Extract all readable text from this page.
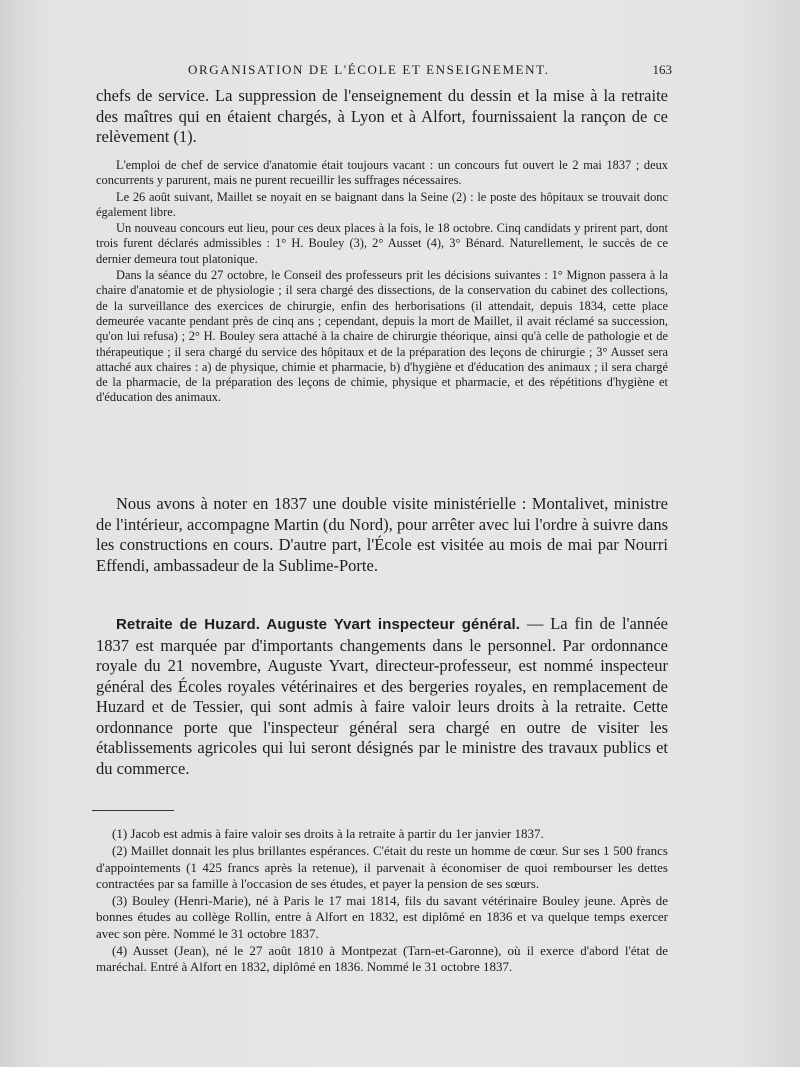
ORGANISATION DE L'ÉCOLE ET ENSEIGNEMENT.	163

chefs de service. La suppression de l'enseignement du dessin et la mise à la retraite des maîtres qui en étaient chargés, à Lyon et à Alfort, fournissaient la rançon de ce relèvement (1).

L'emploi de chef de service d'anatomie était toujours vacant : un concours fut ouvert le 2 mai 1837 ; deux concurrents y parurent, mais ne purent recueillir les suffrages nécessaires.

Le 26 août suivant, Maillet se noyait en se baignant dans la Seine (2) : le poste des hôpitaux se trouvait donc également libre.

Un nouveau concours eut lieu, pour ces deux places à la fois, le 18 octobre. Cinq candidats y prirent part, dont trois furent déclarés admissibles : 1° H. Bouley (3), 2° Ausset (4), 3° Bénard. Naturellement, le succès de ce dernier demeura tout platonique.

Dans la séance du 27 octobre, le Conseil des professeurs prit les décisions suivantes : 1° Mignon passera à la chaire d'anatomie et de physiologie ; il sera chargé des dissections, de la conservation du cabinet des collections, de la surveillance des exercices de chirurgie, enfin des herborisations (il attendait, depuis 1834, cette place demeurée vacante pendant près de cinq ans ; cependant, depuis la mort de Maillet, il avait réclamé sa succession, qu'on lui refusa) ; 2° H. Bouley sera attaché à la chaire de chirurgie théorique, ainsi qu'à celle de pathologie et de thérapeutique ; il sera chargé du service des hôpitaux et de la préparation des leçons de chirurgie ; 3° Ausset sera attaché aux chaires : a) de physique, chimie et pharmacie, b) d'hygiène et d'éducation des animaux ; il sera chargé de la pharmacie, de la préparation des leçons de chimie, physique et pharmacie, et des répétitions d'hygiène et d'éducation des animaux.

Nous avons à noter en 1837 une double visite ministérielle : Montalivet, ministre de l'intérieur, accompagne Martin (du Nord), pour arrêter avec lui l'ordre à suivre dans les constructions en cours. D'autre part, l'École est visitée au mois de mai par Nourri Effendi, ambassadeur de la Sublime-Porte.

Retraite de Huzard. Auguste Yvart inspecteur général. — La fin de l'année 1837 est marquée par d'importants changements dans le personnel. Par ordonnance royale du 21 novembre, Auguste Yvart, directeur-professeur, est nommé inspecteur général des Écoles royales vétérinaires et des bergeries royales, en remplacement de Huzard et de Tessier, qui sont admis à faire valoir leurs droits à la retraite. Cette ordonnance porte que l'inspecteur général sera chargé en outre de visiter les établissements agricoles qui lui seront désignés par le ministre des travaux publics et du commerce.

(1) Jacob est admis à faire valoir ses droits à la retraite à partir du 1er janvier 1837.

(2) Maillet donnait les plus brillantes espérances. C'était du reste un homme de cœur. Sur ses 1 500 francs d'appointements (1 425 francs après la retenue), il parvenait à économiser de quoi rembourser les dettes contractées par sa famille à l'occasion de ses études, et payer la pension de ses sœurs.

(3) Bouley (Henri-Marie), né à Paris le 17 mai 1814, fils du savant vétérinaire Bouley jeune. Après de bonnes études au collège Rollin, entre à Alfort en 1832, est diplômé en 1836 et va quelque temps exercer avec son père. Nommé le 31 octobre 1837.

(4) Ausset (Jean), né le 27 août 1810 à Montpezat (Tarn-et-Garonne), où il exerce d'abord l'état de maréchal. Entré à Alfort en 1832, diplômé en 1836. Nommé le 31 octobre 1837.
